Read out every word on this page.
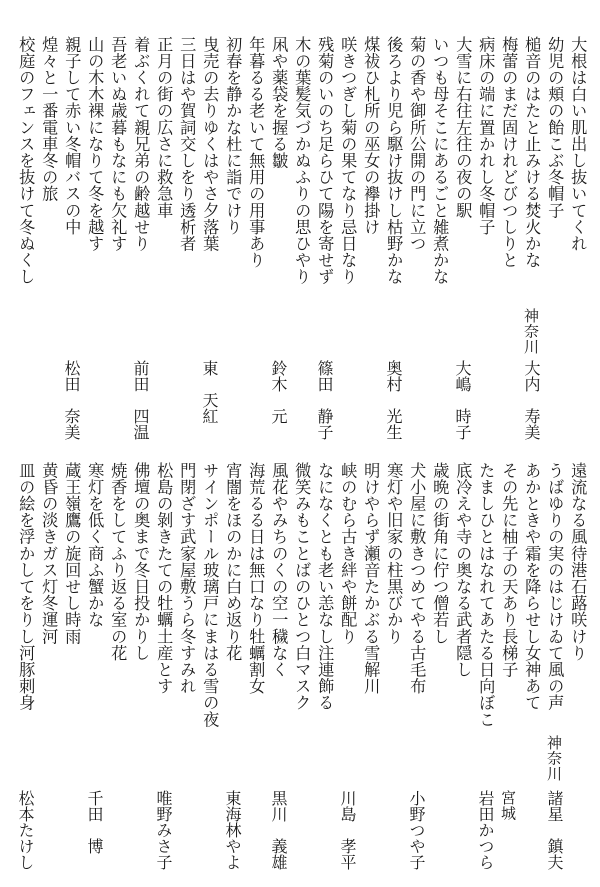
大根は白い肌出し抜いてくれ
幼児の頬の飴こぶ冬帽子
槌音のはたと止みける焚火かな
神奈川
大内　寿美
梅蕾のまだ固けれどびつしりと
病床の端に置かれし冬帽子
大雪に右往左往の夜の駅
大嶋　時子
いつも母そこにあるごと雑煮かな
菊の香や御所公開の門に立つ
後ろより児ら駆け抜けし枯野かな
奥村　光生
煤祓ひ札所の巫女の襷掛け
咲きつぎし菊の果てなり忌日なり
残菊のいのち足らひて陽を寄せず
篠田　静子
木の葉髪気づかぬふりの思ひやり
凩や薬袋を握る皺
年暮るる老いて無用の用事あり
鈴木　元
初春を静かな杜に詣でけり
曳売の去りゆくはやさ夕落葉
三日はや賀詞交しをり透析者
東　天紅
正月の街の広さに救急車
着ぶくれて親兄弟の齢越せり
吾老いぬ歳暮もなにも欠礼す
前田　四温
山の木木裸になりて冬を越す
親子して赤い冬帽バスの中
煌々と一番電車冬の旅
校庭のフェンスを抜けて冬ぬくし
松田　奈美
遠流なる風待港石蕗咲けり
うばゆりの実のはじけゐて風の声
あかときや霜を降らせし女神あて
神奈川
諸星　鎮夫
その先に柚子の天あり長梯子
たましひとはなれてあたる日向ぼこ
底冷えや寺の奥なる武者隠し
宮城
岩田かつら
歳晩の街角に佇つ僧若し
犬小屋に敷きつめてやる古毛布
寒灯や旧家の柱黒びかり
小野つや子
明けやらず瀬音たかぶる雪解川
峡のむら古き絆や餅配り
なになくとも老い恙なし注連飾る
川島　孝平
微笑みもことばのひとつ白マスク
風花やみちのくの空一穢なく
海荒るる日は無口なり牡蠣割女
黒川　義雄
宵闇をほのかに白め返り花
サインポール玻璃戸にまはる雪の夜
門閉ざす武家屋敷うら冬すみれ
東海林やよ
松島の剝きたての牡蠣土産とす
佛壇の奥まで冬日投かりし
焼香をしてふり返る室の花
唯野みさ子
寒灯を低く商ふ蟹かな
蔵王嶺鷹の旋回せし時雨
黄昏の淡きガス灯冬運河
千田　博
皿の絵を浮かしてをりし河豚刺身
松本たけし
